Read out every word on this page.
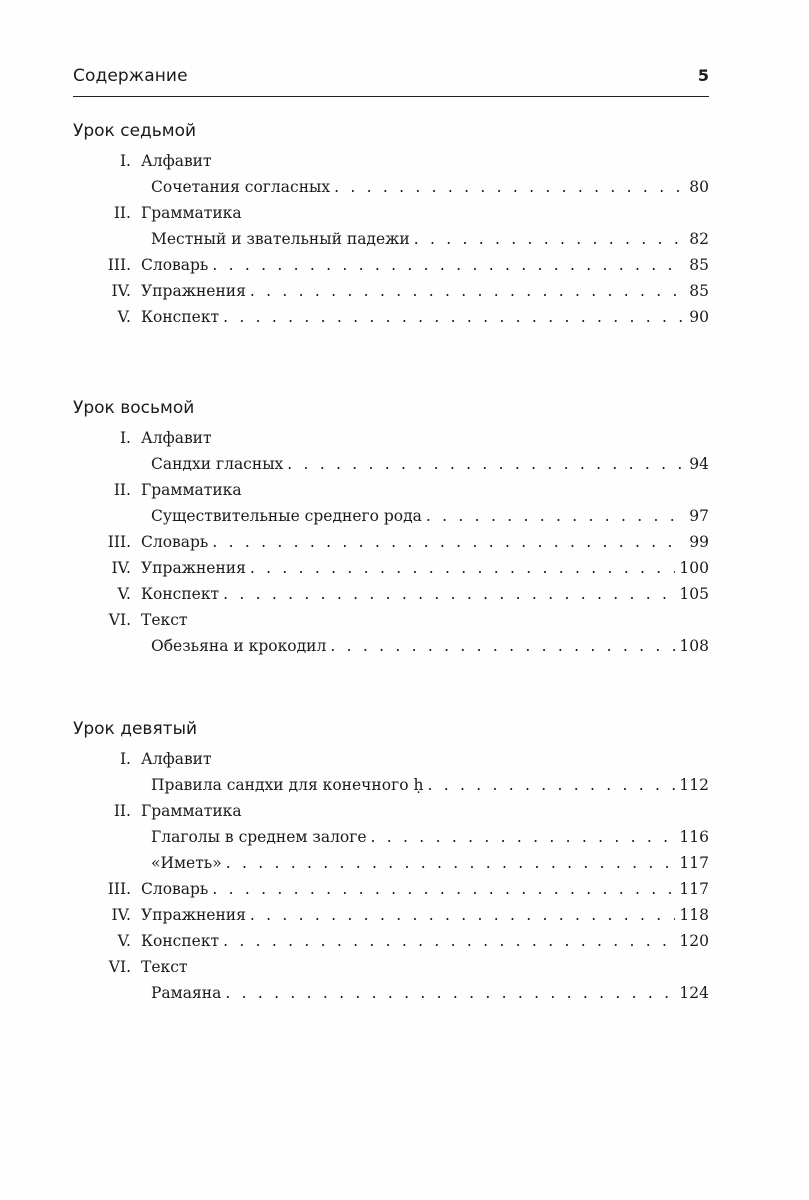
Содержание	5
Урок седьмой
I. Алфавит
Сочетания согласных . . .	80
II. Грамматика
Местный и звательный падежи . . .	82
III. Словарь . . .	85
IV. Упражнения . . .	85
V. Конспект . . .	90
Урок восьмой
I. Алфавит
Сандхи гласных . . .	94
II. Грамматика
Существительные среднего рода . . .	97
III. Словарь . . .	99
IV. Упражнения . . .	100
V. Конспект . . .	105
VI. Текст
Обезьяна и крокодил . . .	108
Урок девятый
I. Алфавит
Правила сандхи для конечного ḥ . . .	112
II. Грамматика
Глаголы в среднем залоге . . .	116
«Иметь» . . .	117
III. Словарь . . .	117
IV. Упражнения . . .	118
V. Конспект . . .	120
VI. Текст
Рамаяна . . .	124
